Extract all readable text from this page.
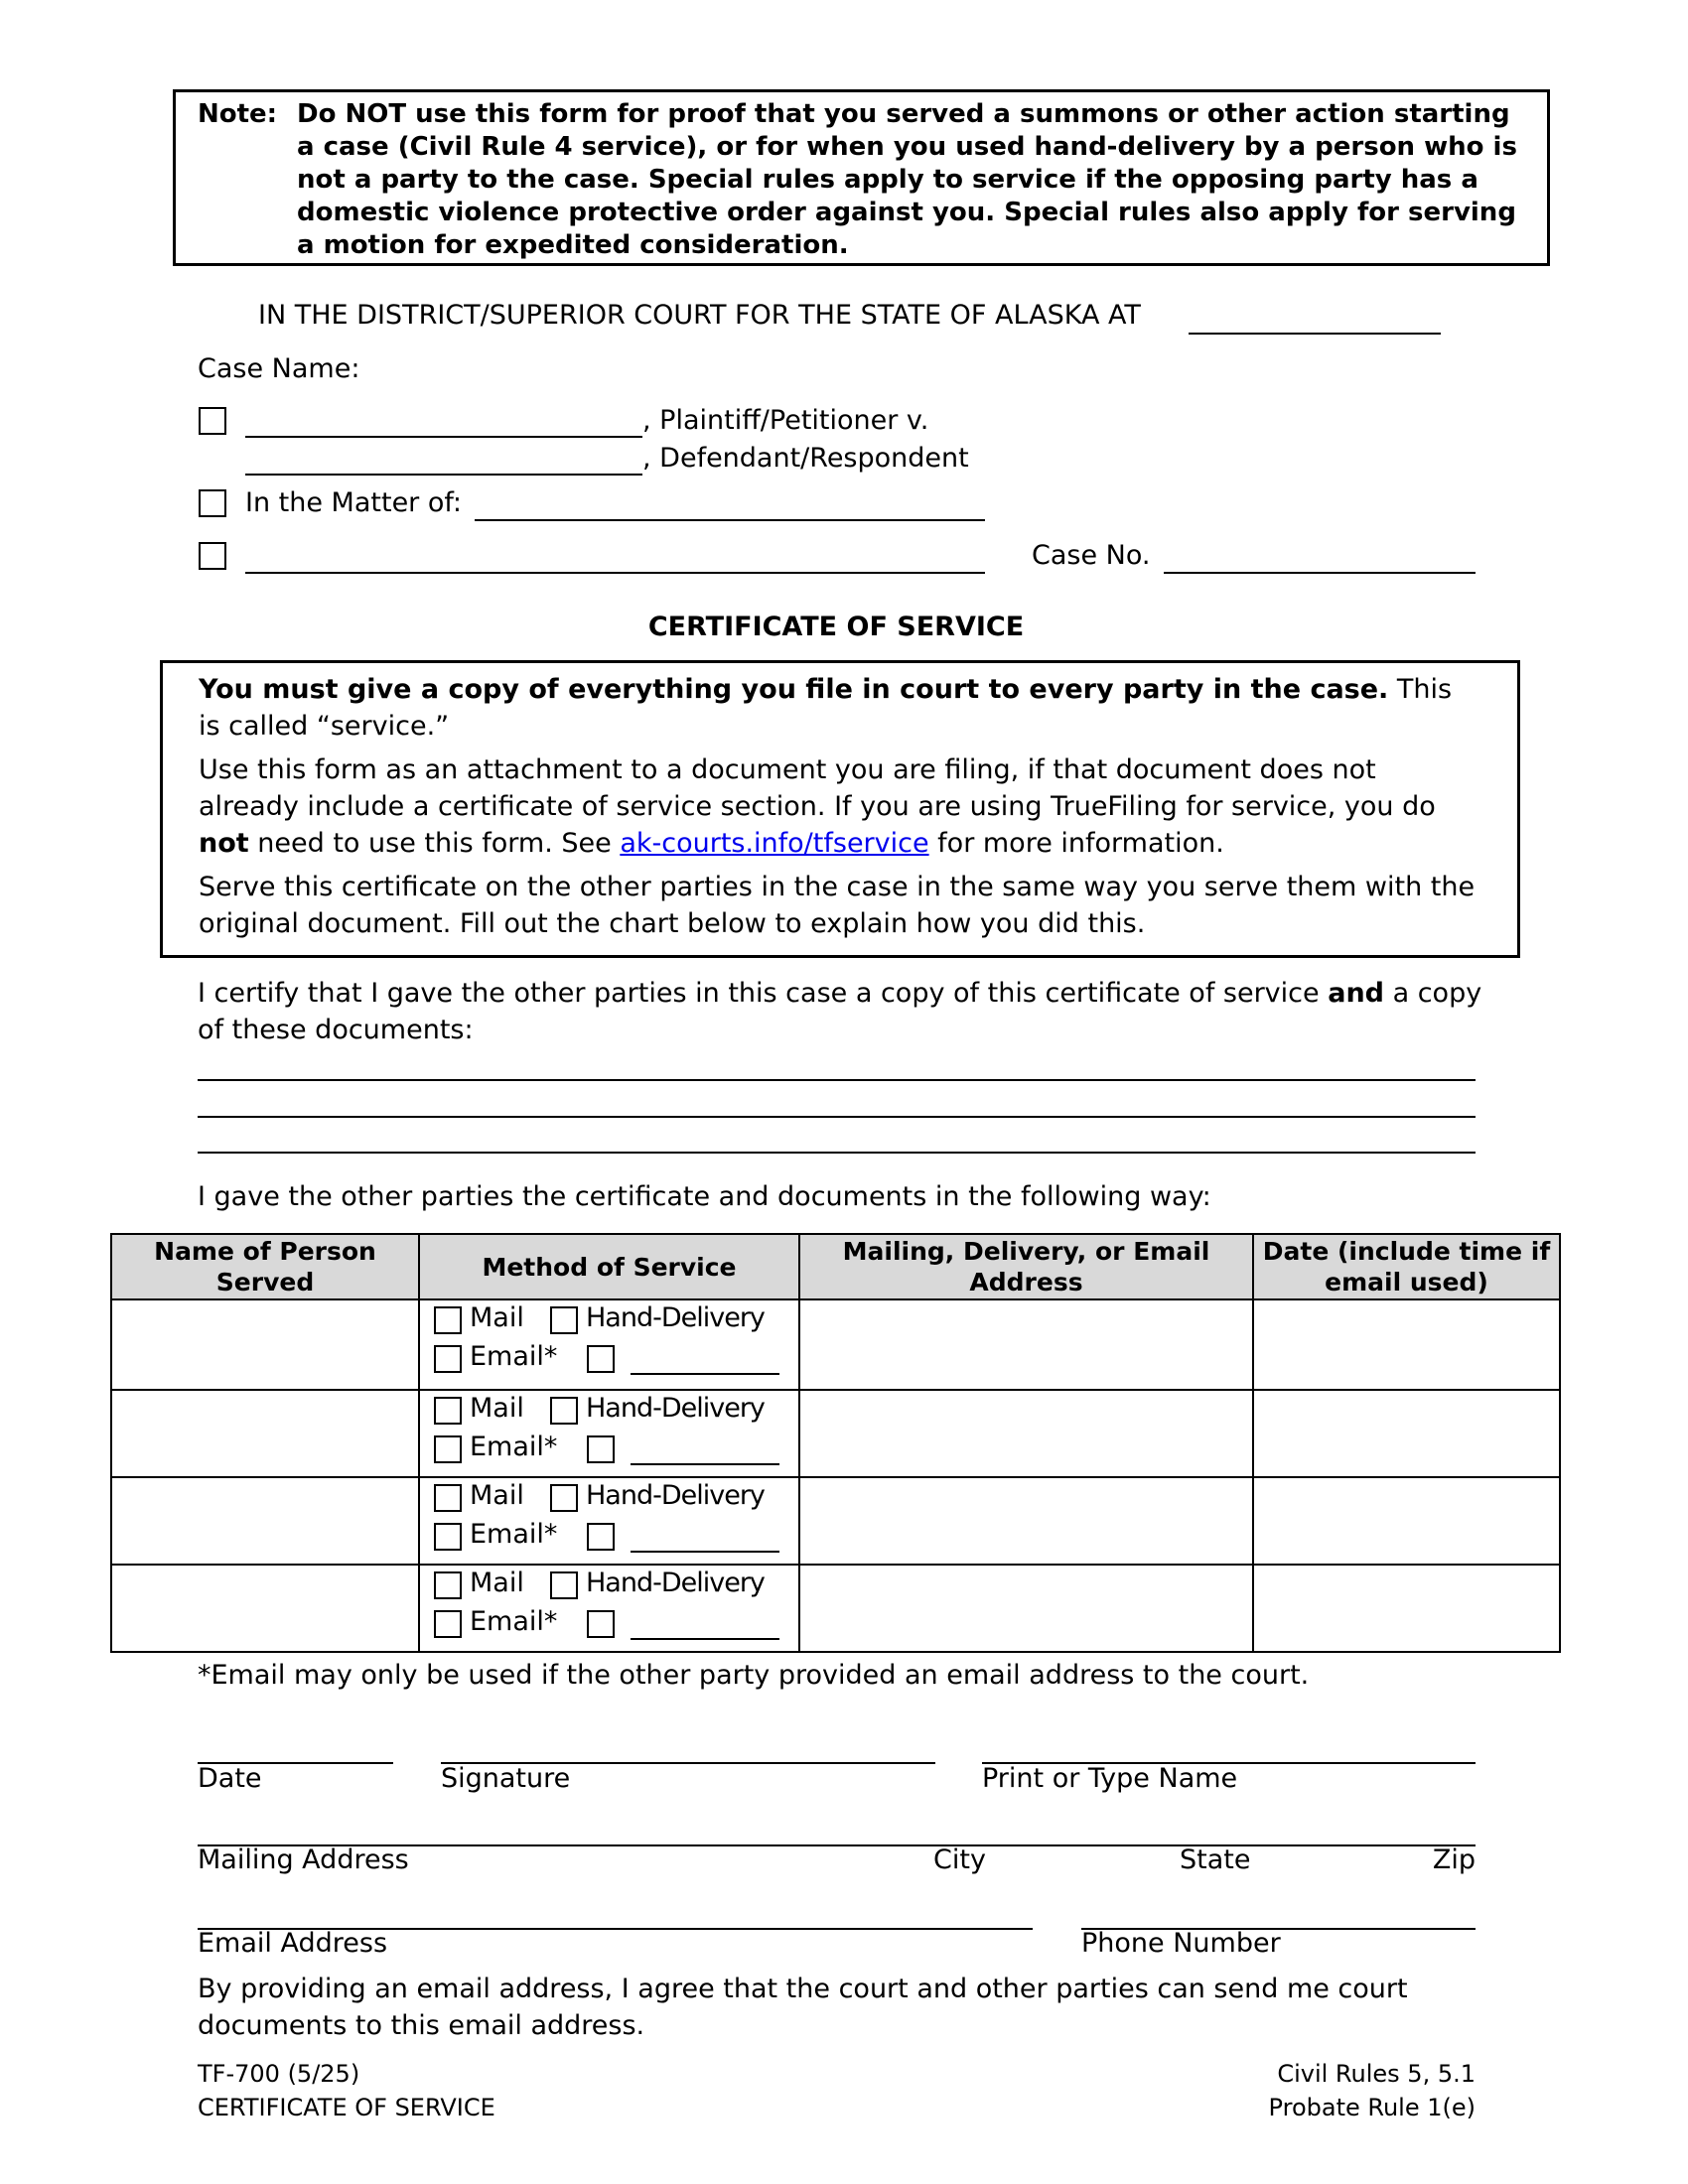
Note: Do NOT use this form for proof that you served a summons or other action starting a case (Civil Rule 4 service), or for when you used hand-delivery by a person who is not a party to the case. Special rules apply to service if the opposing party has a domestic violence protective order against you. Special rules also apply for serving a motion for expedited consideration.
IN THE DISTRICT/SUPERIOR COURT FOR THE STATE OF ALASKA AT
Case Name:
, Plaintiff/Petitioner v.
, Defendant/Respondent
In the Matter of:
Case No.
CERTIFICATE OF SERVICE

You must give a copy of everything you file in court to every party in the case. This is called “service.”

Use this form as an attachment to a document you are filing, if that document does not already include a certificate of service section. If you are using TrueFiling for service, you do not need to use this form. See ak-courts.info/tfservice for more information.

Serve this certificate on the other parties in the case in the same way you serve them with the original document. Fill out the chart below to explain how you did this.

I certify that I gave the other parties in this case a copy of this certificate of service and a copy of these documents:
I gave the other parties the certificate and documents in the following way:
Name of Person Served	Method of Service	Mailing, Delivery, or Email Address	Date (include time if email used)

	Mail Hand-Delivery
Email*		

	Mail Hand-Delivery
Email*		

	Mail Hand-Delivery
Email*		

	Mail Hand-Delivery
Email*		

*Email may only be used if the other party provided an email address to the court.
Date	Signature	Print or Type Name
Mailing Address	City	State	Zip
Email Address	Phone Number
By providing an email address, I agree that the court and other parties can send me court documents to this email address.
TF-700 (5/25)
CERTIFICATE OF SERVICE
Civil Rules 5, 5.1
Probate Rule 1(e)
